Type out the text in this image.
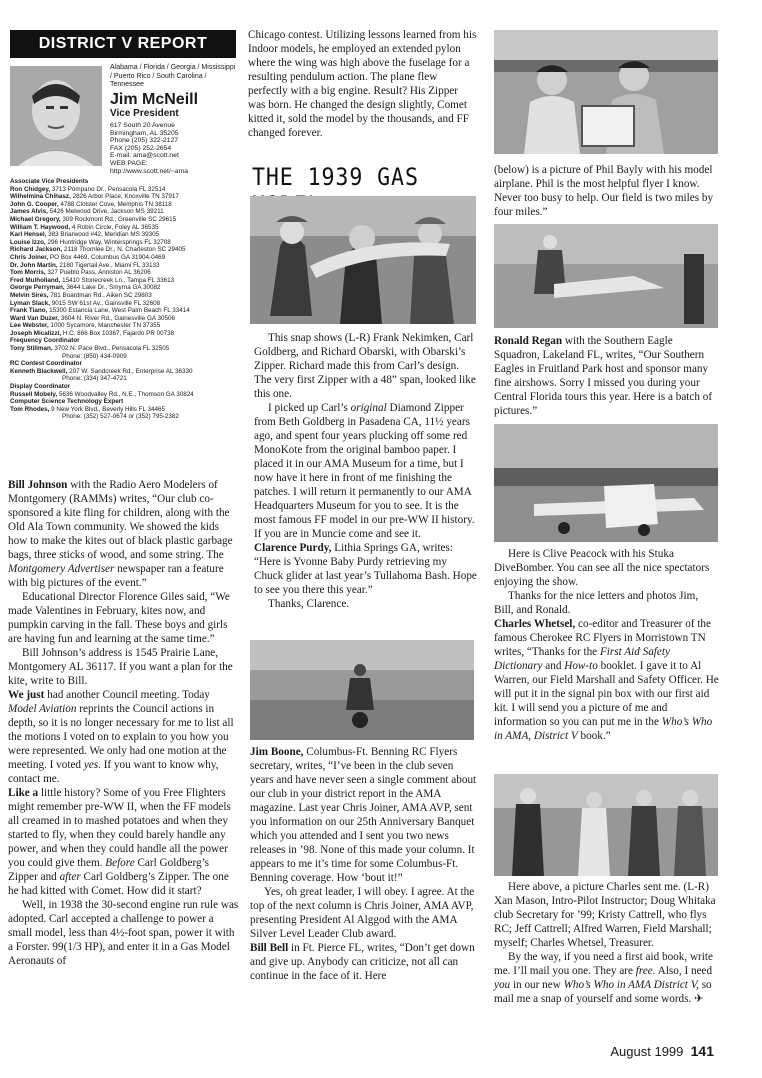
DISTRICT V REPORT
Alabama / Florida / Georgia / Mississippi / Puerto Rico / South Carolina / Tennessee
Jim McNeill
Vice President
617 South 20 Avenue
Birmingham, AL 35205
Phone (205) 322-2127
FAX (205) 252-2654
E-mail: ama@scott.net
WEB PAGE:
http://www.scott.net/~ama
Associate Vice Presidents
Ron Chidgey, 3713 Pompano Dr., Pensacola FL 32514
Wilhelmina Chihasz, 2826 Arbor Place, Knoxville TN 37917
John G. Cooper, 4788 Cloister Cove, Memphis TN 38118
James Alvis, 5426 Melwood Drive, Jackson MS 39211
Michael Gregory, 309 Rockmont Rd., Greenville SC 29615
William T. Haywood, 4 Robin Circle, Foley AL 36535
Karl Hensel, 383 Briarwood #42, Meridian MS 39305
Louise Izzo, 296 Huntridge Way, Wintersprings FL 32708
Richard Jackson, 2118 Thornlee Dr., N. Charleston SC 29405
Chris Joiner, PO Box 4469, Columbus GA 31904-0469
Dr. John Martin, 2180 Tigertail Ave., Miami FL 33133
Tom Morris, 327 Pueblo Pass, Anniston AL 36206
Fred Mulholland, 15410 Stonecreek Ln., Tampa FL 33613
George Perryman, 3644 Lake Dr., Smyrna GA 30082
Melvin Sires, 781 Boardman Rd., Aiken SC 29803
Lyman Slack, 9015 SW 61st Av., Gainsville FL 32608
Frank Tiano, 15300 Estancia Lane, West Palm Beach FL 33414
Ward Van Duzer, 3604 N. River Rd., Gainesville GA 30506
Lee Webster, 1000 Sycamore, Manchester TN 37355
Joseph Micalizzi, H.C. 866 Box 10367, Fajardo PR 00738
Frequency Coordinator
Tony Stillman, 3702 N. Pace Blvd., Pensacola FL 32505
Phone: (850) 434-0909
RC Contest Coordinator
Kenneth Blackwell, 207 W. Sandcreek Rd., Enterprise AL 36330
Phone: (334) 347-4721
Display Coordinator
Russell Mobely, 5636 Woodvalley Rd., N.E., Thomson GA 30824
Computer Science Technology Expert
Tom Rhodes, 9 New York Blvd., Beverly Hills FL 34465
Phone: (352) 527-0674 or (352) 795-2382

Bill Johnson with the Radio Aero Modelers of Montgomery (RAMMs) writes, “Our club co-sponsored a kite fling for children, along with the Old Ala Town community. We showed the kids how to make the kites out of black plastic garbage bags, three sticks of wood, and some string. The Montgomery Advertiser newspaper ran a feature with big pictures of the event.”

Educational Director Florence Giles said, “We made Valentines in February, kites now, and pumpkin carving in the fall. These boys and girls are having fun and learning at the same time.”

Bill Johnson’s address is 1545 Prairie Lane, Montgomery AL 36117. If you want a plan for the kite, write to Bill.

We just had another Council meeting. Today Model Aviation reprints the Council actions in depth, so it is no longer necessary for me to list all the motions I voted on to explain to you how you were represented. We only had one motion at the meeting. I voted yes. If you want to know why, contact me.

Like a little history? Some of you Free Flighters might remember pre-WW II, when the FF models all creamed in to mashed potatoes and when they started to fly, when they could barely handle any power, and when they could handle all the power you could give them. Before Carl Goldberg’s Zipper and after Carl Goldberg’s Zipper. The one he had kitted with Comet. How did it start?

Well, in 1938 the 30-second engine run rule was adopted. Carl accepted a challenge to power a small model, less than 4½-foot span, power it with a Forster. 99(1/3 HP), and enter it in a Gas Model Aeronauts of

Chicago contest. Utilizing lessons learned from his Indoor models, he employed an extended pylon where the wing was high above the fuselage for a resulting pendulum action. The plane flew perfectly with a big engine. Result? His Zipper was born. He changed the design slightly, Comet kitted it, sold the model by the thousands, and FF changed forever.

THE 1939 GAS

This snap shows (L-R) Frank Nekimken, Carl Goldberg, and Richard Obarski, with Obarski’s Zipper. Richard made this from Carl’s design. The very first Zipper with a 48” span, looked like this one.

I picked up Carl’s original Diamond Zipper from Beth Goldberg in Pasadena CA, 11½ years ago, and spent four years plucking off some red MonoKote from the original bamboo paper. I placed it in our AMA Museum for a time, but I now have it here in front of me finishing the patches. I will return it permanently to our AMA Headquarters Museum for you to see. It is the most famous FF model in our pre-WW II history. If you are in Muncie come and see it.

Clarence Purdy, Lithia Springs GA, writes: “Here is Yvonne Baby Purdy retrieving my Chuck glider at last year’s Tullahoma Bash. Hope to see you there this year.”

Thanks, Clarence.

Jim Boone, Columbus-Ft. Benning RC Flyers secretary, writes, “I’ve been in the club seven years and have never seen a single comment about our club in your district report in the AMA magazine. Last year Chris Joiner, AMA AVP, sent you information on our 25th Anniversary Banquet which you attended and I sent you two news releases in ’98. None of this made your column. It appears to me it’s time for some Columbus-Ft. Benning coverage. How ‘bout it!”

Yes, oh great leader, I will obey. I agree. At the top of the next column is Chris Joiner, AMA AVP, presenting President Al Alggod with the AMA Silver Level Leader Club award.

Bill Bell in Ft. Pierce FL, writes, “Don’t get down and give up. Anybody can criticize, not all can continue in the face of it. Here

(below) is a picture of Phil Bayly with his model airplane. Phil is the most helpful flyer I know. Never too busy to help. Our field is two miles by four miles.”

Ronald Regan with the Southern Eagle Squadron, Lakeland FL, writes, “Our Southern Eagles in Fruitland Park host and sponsor many fine airshows. Sorry I missed you during your Central Florida tours this year. Here is a batch of pictures.”

Here is Clive Peacock with his Stuka DiveBomber. You can see all the nice spectators enjoying the show.

Thanks for the nice letters and photos Jim, Bill, and Ronald.

Charles Whetsel, co-editor and Treasurer of the famous Cherokee RC Flyers in Morristown TN writes, “Thanks for the First Aid Safety Dictionary and How-to booklet. I gave it to Al Warren, our Field Marshall and Safety Officer. He will put it in the signal pin box with our first aid kit. I will send you a picture of me and information so you can put me in the Who’s Who in AMA, District V book.”

Here above, a picture Charles sent me. (L-R) Xan Mason, Intro-Pilot Instructor; Doug Whitaka club Secretary for ’99; Kristy Cattrell, who flys RC; Jeff Cattrell; Alfred Warren, Field Marshall; myself; Charles Whetsel, Treasurer.

By the way, if you need a first aid book, write me. I’ll mail you one. They are free. Also, I need you in our new Who’s Who in AMA District V, so mail me a snap of yourself and some words. ✈

August 1999 141
